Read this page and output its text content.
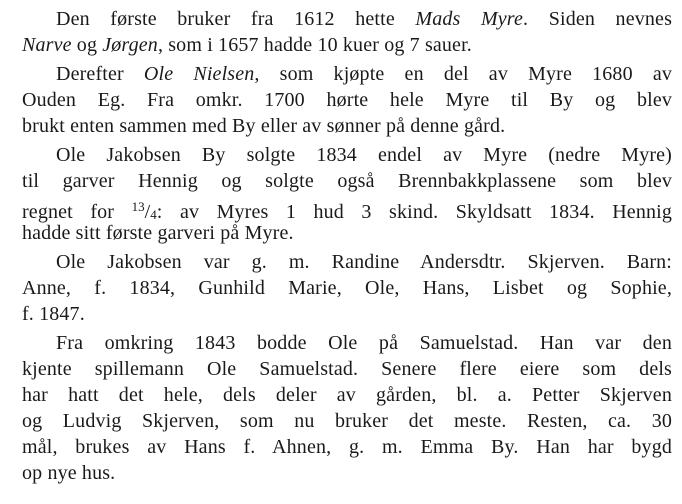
Den første bruker fra 1612 hette Mads Myre. Siden nevnes
Narve og Jørgen, som i 1657 hadde 10 kuer og 7 sauer.
Derefter Ole Nielsen, som kjøpte en del av Myre 1680 av
Ouden Eg. Fra omkr. 1700 hørte hele Myre til By og blev
brukt enten sammen med By eller av sønner på denne gård.
Ole Jakobsen By solgte 1834 endel av Myre (nedre Myre)
til garver Hennig og solgte også Brennbakkplassene som blev
regnet for $^{13}$/4: av Myres 1 hud 3 skind. Skyldsatt 1834. Hennig
hadde sitt første garveri på Myre.
Ole Jakobsen var g. m. Randine Andersdtr. Skjerven. Barn:
Anne, f. 1834, Gunhild Marie, Ole, Hans, Lisbet og Sophie,
f. 1847.
Fra omkring 1843 bodde Ole på Samuelstad. Han var den
kjente spillemann Ole Samuelstad. Senere flere eiere som dels
har hatt det hele, dels deler av gården, bl. a. Petter Skjerven
og Ludvig Skjerven, som nu bruker det meste. Resten, ca. 30
mål, brukes av Hans f. Ahnen, g. m. Emma By. Han har bygd
op nye hus.
